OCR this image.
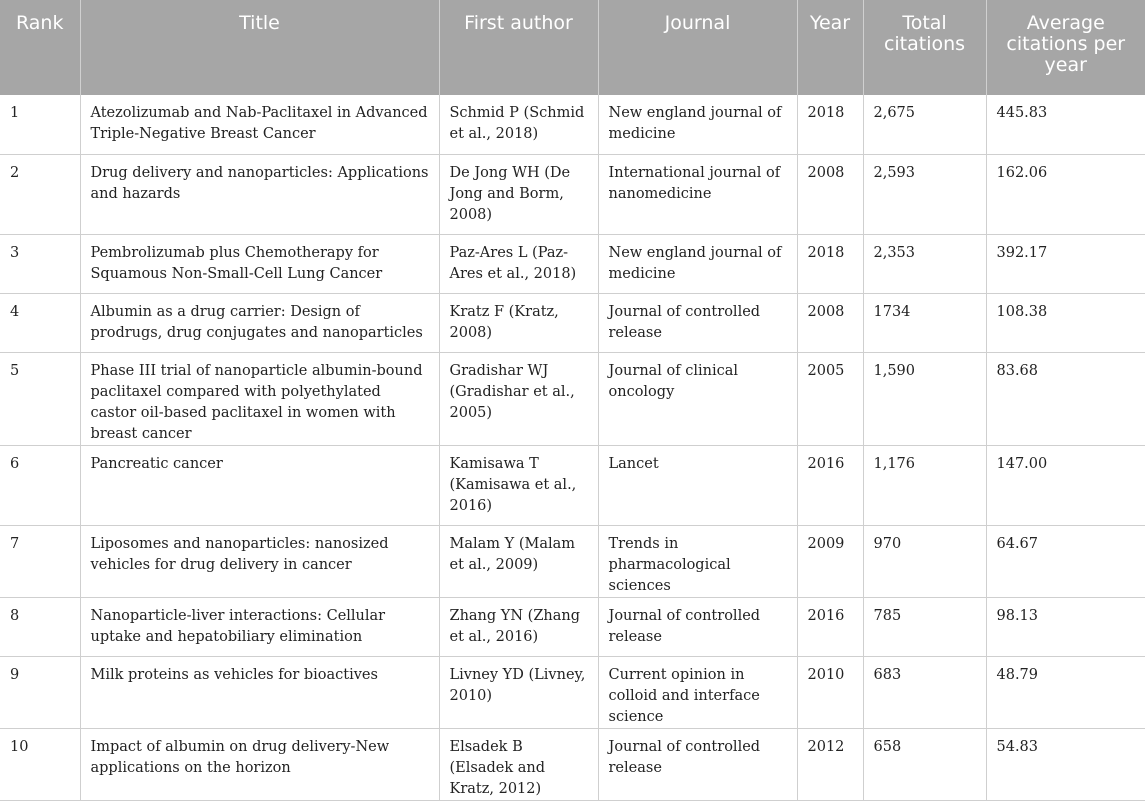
Rank	Title	First author	Journal	Year	Total citations	Average citations per year
1	Atezolizumab and Nab-Paclitaxel in Advanced Triple-Negative Breast Cancer	Schmid P (Schmid et al., 2018)	New england journal of medicine	2018	2,675	445.83
2	Drug delivery and nanoparticles: Applications and hazards	De Jong WH (De Jong and Borm, 2008)	International journal of nanomedicine	2008	2,593	162.06
3	Pembrolizumab plus Chemotherapy for Squamous Non-Small-Cell Lung Cancer	Paz-Ares L (Paz-Ares et al., 2018)	New england journal of medicine	2018	2,353	392.17
4	Albumin as a drug carrier: Design of prodrugs, drug conjugates and nanoparticles	Kratz F (Kratz, 2008)	Journal of controlled release	2008	1734	108.38
5	Phase III trial of nanoparticle albumin-bound paclitaxel compared with polyethylated castor oil-based paclitaxel in women with breast cancer	Gradishar WJ (Gradishar et al., 2005)	Journal of clinical oncology	2005	1,590	83.68
6	Pancreatic cancer	Kamisawa T (Kamisawa et al., 2016)	Lancet	2016	1,176	147.00
7	Liposomes and nanoparticles: nanosized vehicles for drug delivery in cancer	Malam Y (Malam et al., 2009)	Trends in pharmacological sciences	2009	970	64.67
8	Nanoparticle-liver interactions: Cellular uptake and hepatobiliary elimination	Zhang YN (Zhang et al., 2016)	Journal of controlled release	2016	785	98.13
9	Milk proteins as vehicles for bioactives	Livney YD (Livney, 2010)	Current opinion in colloid and interface science	2010	683	48.79
10	Impact of albumin on drug delivery-New applications on the horizon	Elsadek B (Elsadek and Kratz, 2012)	Journal of controlled release	2012	658	54.83
